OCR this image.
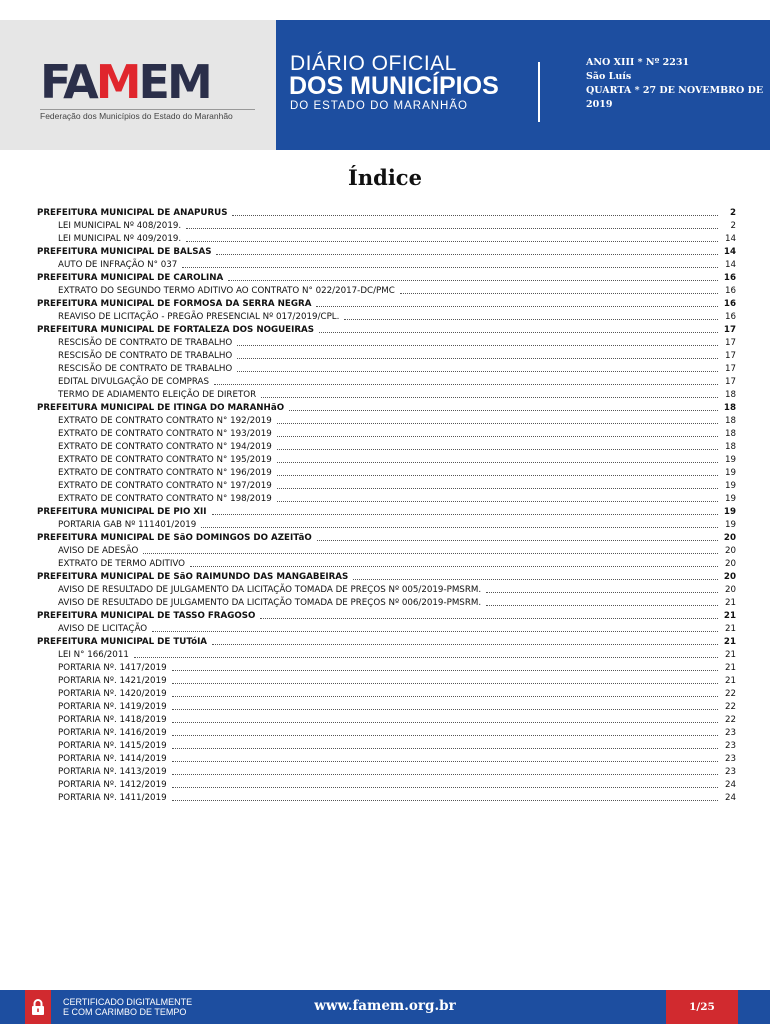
FAMEM
Federação dos Municípios do Estado do Maranhão
DIÁRIO OFICIAL
DOS MUNICÍPIOS
DO ESTADO DO MARANHÃO
ANO XIII * Nº 2231
São Luís
QUARTA * 27 DE NOVEMBRO DE
2019
Índice
PREFEITURA MUNICIPAL DE ANAPURUS	2
LEI MUNICIPAL Nº 408/2019.	2
LEI MUNICIPAL Nº 409/2019.	14
PREFEITURA MUNICIPAL DE BALSAS	14
AUTO DE INFRAÇÃO N° 037	14
PREFEITURA MUNICIPAL DE CAROLINA	16
EXTRATO DO SEGUNDO TERMO ADITIVO AO CONTRATO N° 022/2017-DC/PMC	16
PREFEITURA MUNICIPAL DE FORMOSA DA SERRA NEGRA	16
REAVISO DE LICITAÇÃO - PREGÃO PRESENCIAL Nº 017/2019/CPL.	16
PREFEITURA MUNICIPAL DE FORTALEZA DOS NOGUEIRAS	17
RESCISÃO DE CONTRATO DE TRABALHO	17
RESCISÃO DE CONTRATO DE TRABALHO	17
RESCISÃO DE CONTRATO DE TRABALHO	17
EDITAL DIVULGAÇÃO DE COMPRAS	17
TERMO DE ADIAMENTO ELEIÇÃO DE DIRETOR	18
PREFEITURA MUNICIPAL DE ITINGA DO MARANHãO	18
EXTRATO DE CONTRATO CONTRATO N° 192/2019	18
EXTRATO DE CONTRATO CONTRATO N° 193/2019	18
EXTRATO DE CONTRATO CONTRATO N° 194/2019	18
EXTRATO DE CONTRATO CONTRATO N° 195/2019	19
EXTRATO DE CONTRATO CONTRATO N° 196/2019	19
EXTRATO DE CONTRATO CONTRATO N° 197/2019	19
EXTRATO DE CONTRATO CONTRATO N° 198/2019	19
PREFEITURA MUNICIPAL DE PIO XII	19
PORTARIA GAB Nº 111401/2019	19
PREFEITURA MUNICIPAL DE SãO DOMINGOS DO AZEITãO	20
AVISO DE ADESÃO	20
EXTRATO DE TERMO ADITIVO	20
PREFEITURA MUNICIPAL DE SãO RAIMUNDO DAS MANGABEIRAS	20
AVISO DE RESULTADO DE JULGAMENTO DA LICITAÇÃO TOMADA DE PREÇOS Nº 005/2019-PMSRM.	20
AVISO DE RESULTADO DE JULGAMENTO DA LICITAÇÃO TOMADA DE PREÇOS Nº 006/2019-PMSRM.	21
PREFEITURA MUNICIPAL DE TASSO FRAGOSO	21
AVISO DE LICITAÇÃO	21
PREFEITURA MUNICIPAL DE TUTóIA	21
LEI N° 166/2011	21
PORTARIA Nº. 1417/2019	21
PORTARIA Nº. 1421/2019	21
PORTARIA Nº. 1420/2019	22
PORTARIA Nº. 1419/2019	22
PORTARIA Nº. 1418/2019	22
PORTARIA Nº. 1416/2019	23
PORTARIA Nº. 1415/2019	23
PORTARIA Nº. 1414/2019	23
PORTARIA Nº. 1413/2019	23
PORTARIA Nº. 1412/2019	24
PORTARIA Nº. 1411/2019	24
CERTIFICADO DIGITALMENTE
E COM CARIMBO DE TEMPO	www.famem.org.br	1/25
